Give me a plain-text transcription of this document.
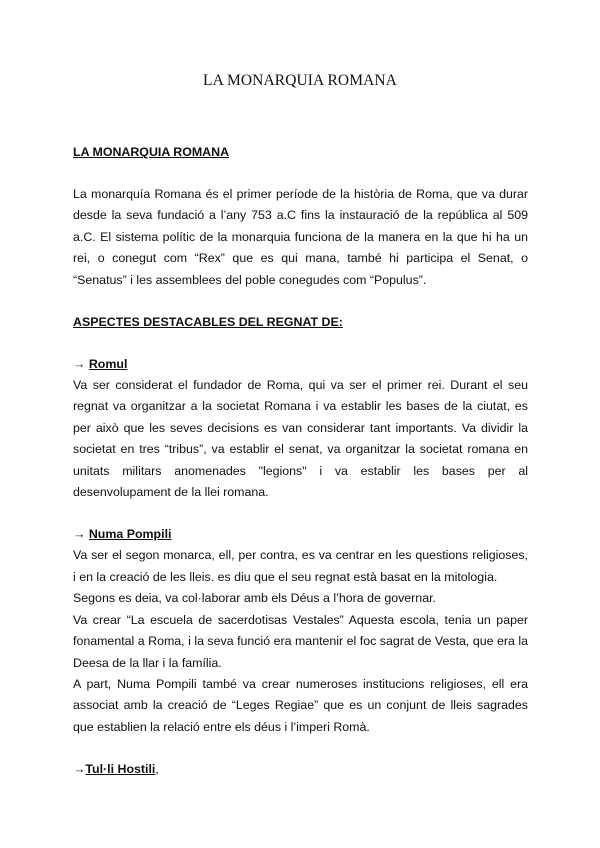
LA MONARQUIA ROMANA

LA MONARQUIA ROMANA

La monarquía Romana és el primer període de la història de Roma, que va durar desde la seva fundació a l’any 753 a.C fins la instauració de la república al 509 a.C. El sistema polític de la monarquia funciona de la manera en la que hi ha un rei, o conegut com “Rex” que es qui mana, també hi participa el Senat, o “Senatus” i les assemblees del poble conegudes com “Populus”.

ASPECTES DESTACABLES DEL REGNAT DE:

→ Romul

Va ser considerat el fundador de Roma, qui va ser el primer rei. Durant el seu regnat va organitzar a la societat Romana i va establir les bases de la ciutat, es per això que les seves decisions es van considerar tant importants. Va dividir la societat en tres “tribus”, va establir el senat, va organitzar la societat romana en unitats militars anomenades "legions" i va establir les bases per al desenvolupament de la llei romana.

→ Numa Pompili

Va ser el segon monarca, ell, per contra, es va centrar en les questions religioses, i en la creació de les lleis. es diu que el seu regnat està basat en la mitologia.

Segons es deia, va col·laborar amb els Déus a l’hora de governar.

Va crear “La escuela de sacerdotisas Vestales” Aquesta escola, tenia un paper fonamental a Roma, i la seva funció era mantenir el foc sagrat de Vesta, que era la Deesa de la llar i la família.

A part, Numa Pompili també va crear numeroses institucions religioses, ell era associat amb la creació de “Leges Regiae” que es un conjunt de lleis sagrades que establien la relació entre els déus i l’imperi Romà.

→Tul·li Hostili,
